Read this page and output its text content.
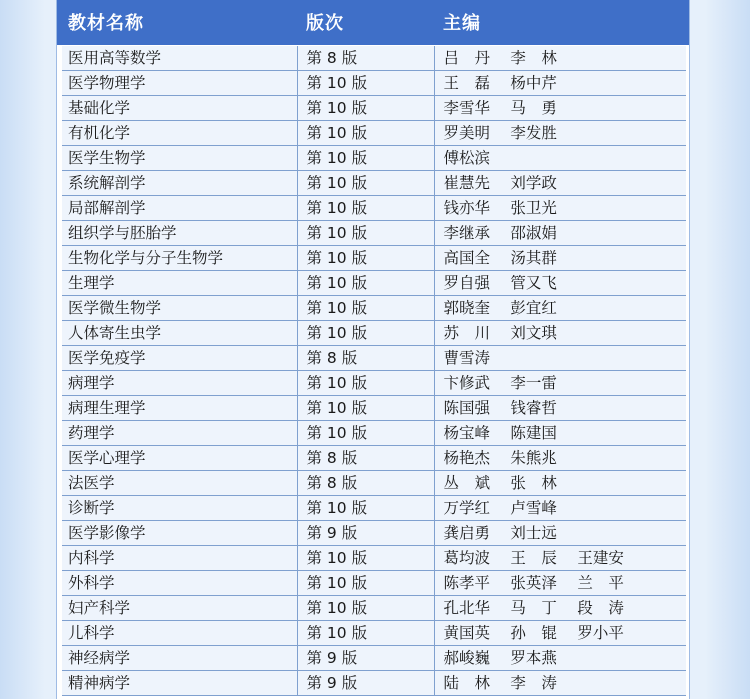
教材名称	版次	主编
医用高等数学	第 8 版	吕　丹　 李　林
医学物理学	第 10 版	王　磊　 杨中芹
基础化学	第 10 版	李雪华　 马　勇
有机化学	第 10 版	罗美明　 李发胜
医学生物学	第 10 版	傅松滨
系统解剖学	第 10 版	崔慧先　 刘学政
局部解剖学	第 10 版	钱亦华　 张卫光
组织学与胚胎学	第 10 版	李继承　 邵淑娟
生物化学与分子生物学	第 10 版	高国全　 汤其群
生理学	第 10 版	罗自强　 管又飞
医学微生物学	第 10 版	郭晓奎　 彭宜红
人体寄生虫学	第 10 版	苏　川　 刘文琪
医学免疫学	第 8 版	曹雪涛
病理学	第 10 版	卞修武　 李一雷
病理生理学	第 10 版	陈国强　 钱睿哲
药理学	第 10 版	杨宝峰　 陈建国
医学心理学	第 8 版	杨艳杰　 朱熊兆
法医学	第 8 版	丛　斌　 张　林
诊断学	第 10 版	万学红　 卢雪峰
医学影像学	第 9 版	龚启勇　 刘士远
内科学	第 10 版	葛均波　 王　辰　 王建安
外科学	第 10 版	陈孝平　 张英泽　 兰　平
妇产科学	第 10 版	孔北华　 马　丁　 段　涛
儿科学	第 10 版	黄国英　 孙　锟　 罗小平
神经病学	第 9 版	郝峻巍　 罗本燕
精神病学	第 9 版	陆　林　 李　涛
